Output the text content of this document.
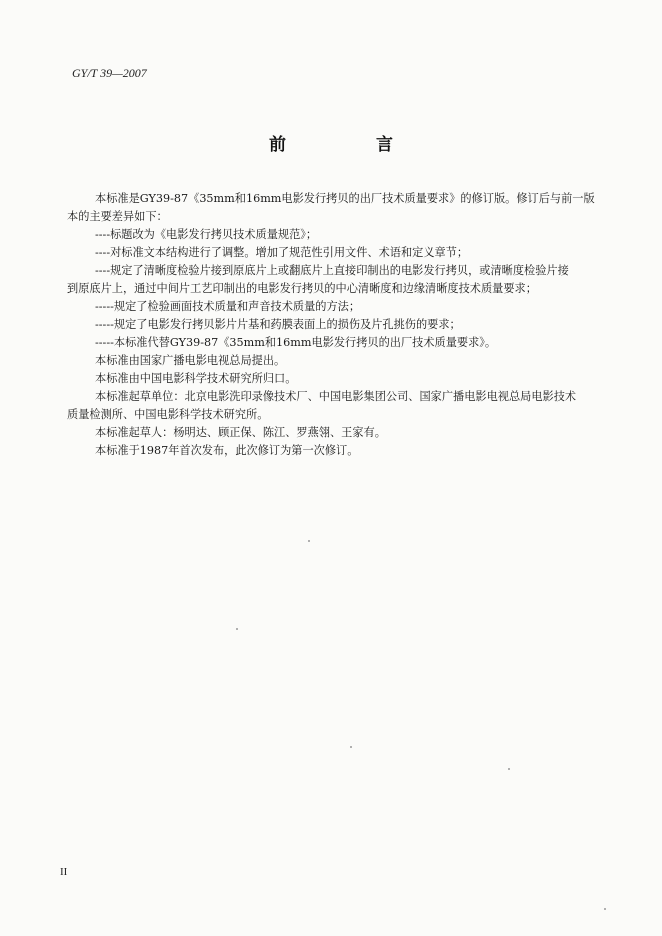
GY/T 39—2007
前 言

本标准是GY39-87《35mm和16mm电影发行拷贝的出厂技术质量要求》的修订版。修订后与前一版

本的主要差异如下：

----标题改为《电影发行拷贝技术质量规范》；

----对标准文本结构进行了调整。增加了规范性引用文件、术语和定义章节；

----规定了清晰度检验片接到原底片上或翻底片上直接印制出的电影发行拷贝，或清晰度检验片接

到原底片上，通过中间片工艺印制出的电影发行拷贝的中心清晰度和边缘清晰度技术质量要求；

-----规定了检验画面技术质量和声音技术质量的方法；

-----规定了电影发行拷贝影片片基和药膜表面上的损伤及片孔挑伤的要求；

-----本标准代替GY39-87《35mm和16mm电影发行拷贝的出厂技术质量要求》。

本标准由国家广播电影电视总局提出。

本标准由中国电影科学技术研究所归口。

本标准起草单位：北京电影洗印录像技术厂、中国电影集团公司、国家广播电影电视总局电影技术

质量检测所、中国电影科学技术研究所。

本标准起草人：杨明达、顾正保、陈江、罗燕翎、王家有。

本标准于1987年首次发布，此次修订为第一次修订。

II
